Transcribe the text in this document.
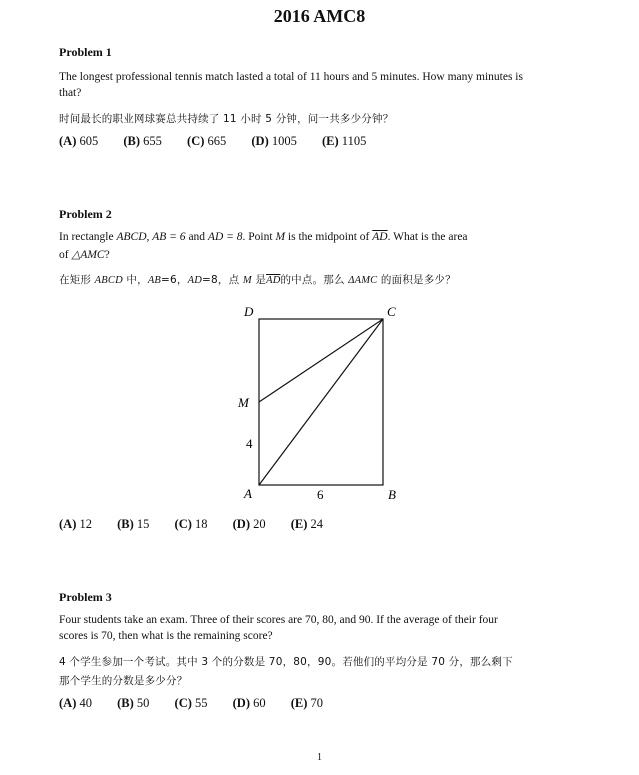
2016 AMC8
Problem 1
The longest professional tennis match lasted a total of 11 hours and 5 minutes. How many minutes is
that?
时间最长的职业网球赛总共持续了 11 小时 5 分钟，问一共多少分钟？
(A) 605 (B) 655 (C) 665 (D) 1005 (E) 1105
Problem 2
In rectangle ABCD, AB = 6 and AD = 8. Point M is the midpoint of $\overline{AD}$. What is the area
of △AMC?
在矩形 ABCD 中，AB=6，AD=8，点 M 是$\overline{AD}$的中点。那么 ΔAMC 的面积是多少？
D	C
M
4
A	6	B
(A) 12 (B) 15 (C) 18 (D) 20 (E) 24
Problem 3
Four students take an exam. Three of their scores are 70, 80, and 90. If the average of their four
scores is 70, then what is the remaining score?
4 个学生参加一个考试。其中 3 个的分数是 70，80，90。若他们的平均分是 70 分，那么剩下
那个学生的分数是多少分？
(A) 40 (B) 50 (C) 55 (D) 60 (E) 70
1
